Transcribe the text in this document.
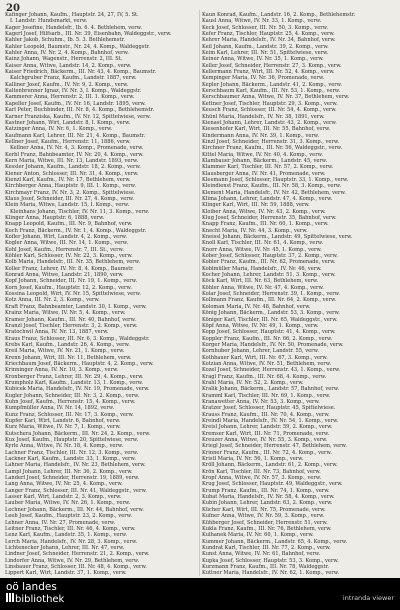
20
Kafinger Johann, Kaufm., Hauptstr. 24, 27, IV, 5. St.
I. Landstr. Hundsmarkt, verw.
Kager Josefine, Handelsfr., Ib. 6. 4. Bethlehem, verw.
Kagerl Josef, Hilfsarb., III. Nr. 39, Eisenbahn, Waldeggstr., verw.
Kahler Jakob, Schuhm., Ib. 5. 3. Bethlehemstr.
Kahler Leopold, Baumstr., Nr. 24, 4. Komp., Waldeggstr.
Kahler Anna, IV. Nr. 2, 4. Komp., Bahnhof, verw.
Kainz Johann, Wagenstr., Herrenstr. 2, III. St.
Kaiser Anna, Witwe, Landstr. 14, 2. Komp., verw.
Kaiser Friedrich, Bäckerm., III. Nr. 43, 4. Komp., Baumstr.
Kalchgruber Franz, Kaufm., Landstr. 1887, verw.
Kalliner Josef, Kaufm., IV. Nr. 9, 2. Komp., verw.
Kaltenbrunner Ignaz, IV. Nr. 3, I. Komp., Waldeggstr.
Kammerer Anna, Herrenstr. 2, III. 1. Komp., verw.
Kapeller Josef, Kaufm., IV. Nr. 16, Landstr. 1895, verw.
Karl Peter, Buchbinder, III. Nr. 8, 4. Komp., Bethlehemstr.
Karner Franziska, Kaufm., IV. Nr. 12, Spittelwiese, verw.
Kastner Johann, Wirt, Landstr. 8, I. Komp., verw.
Katzinger Anna, IV. Nr. 6, 1. Komp., verw.
Kaufmann Karl, Lehrer, III. Nr. 21, 4. Komp., Baumstr.
Kellner Josef, Kaufm., Herrenstr. 11, 1886, verw.
Kellner Anna, IV. Nr. 4, 3. Komp., Promenade, verw.
Kerbl Franz, Bahnbeamter, IV. Nr. 20, 4. Komp., verw.
Kern Maria, Witwe, III. Nr. 13, Landstr. 1893, verw.
Kessler Johann, Kaufm., Landstr. 18, 2. Komp., verw.
Kiener Anton, Schlosser, III. Nr. 31, 4. Komp., verw.
Kienzl Karl, Kaufm., IV. Nr. 17, Bethlehem, verw.
Kirchberger Anna, Hauptstr. 9, III. 1. Komp., verw.
Kirchmayr Franz, IV. Nr. 3, 2. Komp., Spittelwiese.
Klaus Josef, Schneider, III. Nr. 27, 4. Komp., verw.
Klein Maria, Witwe, Landstr. 15, I. Komp., verw.
Kleinhans Johann, Tischler, IV. Nr. 11, 3. Komp., verw.
Klinger Anna, Hauptstr. 6, 1888, verw.
Knapp Leopold, Kaufm., III. Nr. 9, Bahnhof, verw.
Koch Franz, Bäckerm., IV. Nr. 1, 4. Komp., Waldeggstr.
Kofler Johann, Wirt, Landstr. 4, 2. Komp., verw.
Kogler Anna, Witwe, III. Nr. 14, 1. Komp., verw.
Kohl Josef, Kaufm., Herrenstr. 7, III. St., verw.
Köhler Karl, Schlosser, IV. Nr. 22, 3. Komp., verw.
Kolb Maria, Handelsfr., III. Nr. 35, Bethlehem, verw.
Koller Franz, Lehrer, IV. Nr. 8, 4. Komp., Baumstr.
Konrad Anna, Witwe, Landstr. 21, 1890, verw.
Kopf Johann, Schneider, III. Nr. 19, 1. Komp., verw.
Korn Josef, Kaufm., Hauptstr. 12, 2. Komp., verw.
Kossina Leopold, Wirt, IV. Nr. 15, Spittelwiese, verw.
Kotz Anna, III. Nr. 2, 3. Komp., verw.
Kraft Franz, Bahnbeamter, Landstr. 30, I. Komp., verw.
Krainz Maria, Witwe, IV. Nr. 5, 4. Komp., verw.
Kramer Johann, Kaufm., III. Nr. 40, Bahnhof, verw.
Kranzl Josef, Tischler, Herrenstr. 3, 2. Komp., verw.
Kratochwil Anna, IV. Nr. 13, 1887, verw.
Kraus Franz, Schlosser, III. Nr. 6, 3. Komp., Waldeggstr.
Krebs Karl, Kaufm., Landstr. 26, 4. Komp., verw.
Kreil Maria, Witwe, IV. Nr. 21, 1. Komp., verw.
Krenn Johann, Wirt, III. Nr. 11, Bethlehem, verw.
Kriechbaum Josef, Bäckerm., Hauptstr. 4, 2. Komp., verw.
Krinninger Anna, IV. Nr. 10, 3. Komp., verw.
Kronberger Franz, Lehrer, III. Nr. 29, 4. Komp., verw.
Krumpholz Karl, Kaufm., Landstr. 13, 1. Komp., verw.
Kubicek Maria, Handelsfr., IV. Nr. 19, Promenade, verw.
Kugler Johann, Schneider, III. Nr. 3, 2. Komp., verw.
Kuhn Josef, Kaufm., Herrenstr. 15, 4. Komp., verw.
Kumpfmüller Anna, IV. Nr. 14, 1892, verw.
Kunz Franz, Schlosser, III. Nr. 17, 3. Komp., verw.
Kupfer Karl, Wirt, Landstr. 6, Bahnhof, verw.
Kurz Maria, Witwe, IV. Nr. 7, 1. Komp., verw.
Kutschera Johann, Bäckerm., III. Nr. 24, 2. Komp., verw.
Kux Josef, Kaufm., Hauptstr. 20, Spittelwiese, verw.
Kyrle Anna, Witwe, IV. Nr. 18, 4. Komp., verw.
Lachner Franz, Tischler, III. Nr. 12, 3. Komp., verw.
Lackner Karl, Kaufm., Landstr. 33, 1. Komp., verw.
Lahner Maria, Handelsfr., IV. Nr. 23, Bethlehem, verw.
Lampl Johann, Lehrer, III. Nr. 36, 2. Komp., verw.
Landerl Josef, Schneider, Herrenstr. 19, 1889, verw.
Lang Anna, Witwe, IV. Nr. 25, 4. Komp., verw.
Langer Franz, Schlosser, III. Nr. 41, Waldeggstr., verw.
Lasser Karl, Wirt, Landstr. 2, 3. Komp., verw.
Lauber Maria, Witwe, IV. Nr. 26, 1. Komp., verw.
Lechner Johann, Bäckerm., III. Nr. 44, Bahnhof, verw.
Leeb Josef, Kaufm., Hauptstr. 23, 2. Komp., verw.
Lehner Anna, IV. Nr. 27, Promenade, verw.
Leitner Franz, Tischler, III. Nr. 46, 4. Komp., verw.
Lenz Karl, Kaufm., Landstr. 35, 1. Komp., verw.
Lerch Maria, Handelsfr., IV. Nr. 28, 3. Komp., verw.
Lichtenecker Johann, Lehrer, III. Nr. 47, verw.
Lindner Josef, Schneider, Herrenstr. 21, 2. Komp., verw.
Lindorfer Anna, Witwe, IV. Nr. 29, Bethlehem, verw.
Linsbauer Franz, Schlosser, III. Nr. 48, 4. Komp., verw.
Lippert Karl, Wirt, Landstr. 37, 1. Komp., verw.
Kaun Konrad, Kaufm., Landstr. 16, 2. Komp., Bethlehemstr.
Kausl Anna, Witwe, IV. Nr. 33, 1. Komp., verw.
Keck Josef, Schlosser, III. Nr. 50, 3. Komp., verw.
Kefer Franz, Tischler, Hauptstr. 25, 4. Komp., verw.
Kehrer Maria, Handelsfr., IV. Nr. 34, Bahnhof, verw.
Keil Johann, Kaufm., Landstr. 39, 2. Komp., verw.
Keim Karl, Lehrer, III. Nr. 51, Spittelwiese, verw.
Keiner Anna, Witwe, IV. Nr. 35, 1. Komp., verw.
Keller Josef, Schneider, Herrenstr. 27, 3. Komp., verw.
Kellermann Franz, Wirt, III. Nr. 52, 4. Komp., verw.
Kempinger Maria, IV. Nr. 36, Promenade, verw.
Kepler Johann, Bäckerm., Landstr. 41, 2. Komp., verw.
Kerschbaum Karl, Kaufm., III. Nr. 53, 1. Komp., verw.
Kerschbaumer Anna, Witwe, IV. Nr. 37, Bethlehem, verw.
Kettner Josef, Tischler, Hauptstr. 29, 3. Komp., verw.
Keusch Franz, Schlosser, III. Nr. 54, 4. Komp., verw.
Khünl Maria, Handelsfr., IV. Nr. 38, 1891, verw.
Kienast Johann, Lehrer, Landstr. 43, 2. Komp., verw.
Kiesenhofer Karl, Wirt, III. Nr. 55, Bahnhof, verw.
Kindermann Anna, IV. Nr. 39, 1. Komp., verw.
Kinzl Josef, Schneider, Herrenstr. 31, 3. Komp., verw.
Kirchner Franz, Kaufm., III. Nr. 56, Waldeggstr., verw.
Kittel Maria, Witwe, IV. Nr. 40, 4. Komp., verw.
Klambauer Johann, Bäckerm., Landstr. 45, verw.
Klammer Karl, Tischler, III. Nr. 57, 2. Komp., verw.
Klausberger Anna, IV. Nr. 41, Promenade, verw.
Kleemann Josef, Schlosser, Hauptstr. 33, 1. Komp., verw.
Kleindienst Franz, Kaufm., III. Nr. 58, 3. Komp., verw.
Klement Maria, Handelsfr., IV. Nr. 42, Bethlehem, verw.
Klima Johann, Lehrer, Landstr. 47, 4. Komp., verw.
Klinger Karl, Wirt, III. Nr. 59, 1888, verw.
Kloiber Anna, Witwe, IV. Nr. 43, 2. Komp., verw.
Klug Josef, Schneider, Herrenstr. 35, Bahnhof, verw.
Knapp Franz, Kaufm., III. Nr. 60, 1. Komp., verw.
Knecht Maria, IV. Nr. 44, 3. Komp., verw.
Kneissl Johann, Bäckerm., Landstr. 49, Spittelwiese, verw.
Knoll Karl, Tischler, III. Nr. 61, 4. Komp., verw.
Knorr Anna, Witwe, IV. Nr. 45, 1. Komp., verw.
Kober Josef, Schlosser, Hauptstr. 37, 2. Komp., verw.
Kobler Franz, Kaufm., III. Nr. 62, Promenade, verw.
Koblmüller Maria, Handelsfr., IV. Nr. 46, verw.
Kocher Johann, Lehrer, Landstr. 51, 3. Komp., verw.
Köck Karl, Wirt, III. Nr. 63, Bethlehem, verw.
Köhler Anna, Witwe, IV. Nr. 47, 4. Komp., verw.
Kolar Josef, Schneider, Herrenstr. 39, 1. Komp., verw.
Kollmann Franz, Kaufm., III. Nr. 64, 2. Komp., verw.
Koloman Maria, IV. Nr. 48, Bahnhof, verw.
König Johann, Bäckerm., Landstr. 53, 3. Komp., verw.
Königer Karl, Tischler, III. Nr. 65, Waldeggstr., verw.
Köpf Anna, Witwe, IV. Nr. 49, 1. Komp., verw.
Kopp Josef, Schlosser, Hauptstr. 41, 4. Komp., verw.
Koppler Franz, Kaufm., III. Nr. 66, 2. Komp., verw.
Korger Maria, Handelsfr., IV. Nr. 50, Promenade, verw.
Kornhuber Johann, Lehrer, Landstr. 55, verw.
Kothbauer Karl, Wirt, III. Nr. 67, 3. Komp., verw.
Kotzian Anna, Witwe, IV. Nr. 51, Bethlehem, verw.
Kozel Josef, Schneider, Herrenstr. 43, 1. Komp., verw.
Kragl Franz, Kaufm., III. Nr. 68, 4. Komp., verw.
Krahl Maria, IV. Nr. 52, 2. Komp., verw.
Kralik Johann, Bäckerm., Landstr. 57, Bahnhof, verw.
Kramml Karl, Tischler, III. Nr. 69, 1. Komp., verw.
Kranawetter Anna, IV. Nr. 53, 3. Komp., verw.
Kratzer Josef, Schlosser, Hauptstr. 45, Spittelwiese.
Krauss Franz, Kaufm., III. Nr. 70, 4. Komp., verw.
Kreindl Maria, Handelsfr., IV. Nr. 54, 1. Komp., verw.
Kreisl Johann, Lehrer, Landstr. 59, 2. Komp., verw.
Kremser Karl, Wirt, III. Nr. 71, Promenade, verw.
Kreuzer Anna, Witwe, IV. Nr. 55, 3. Komp., verw.
Kriegl Josef, Schneider, Herrenstr. 47, Bethlehem, verw.
Krinner Franz, Kaufm., III. Nr. 72, 4. Komp., verw.
Kristl Maria, IV. Nr. 56, 1. Komp., verw.
Kröll Johann, Bäckerm., Landstr. 61, 2. Komp., verw.
Krön Karl, Tischler, III. Nr. 73, Bahnhof, verw.
Kropf Anna, Witwe, IV. Nr. 57, 3. Komp., verw.
Krug Josef, Schlosser, Hauptstr. 49, Waldeggstr., verw.
Krump Franz, Kaufm., III. Nr. 74, 1. Komp., verw.
Kubat Maria, Handelsfr., IV. Nr. 58, 4. Komp., verw.
Kubin Johann, Lehrer, Landstr. 63, 2. Komp., verw.
Kücher Karl, Wirt, III. Nr. 75, Promenade, verw.
Kufner Anna, Witwe, IV. Nr. 59, 3. Komp., verw.
Kühberger Josef, Schneider, Herrenstr. 51, verw.
Kukla Franz, Kaufm., III. Nr. 76, Bethlehem, verw.
Kulhanek Maria, IV. Nr. 60, 1. Komp., verw.
Kummer Johann, Bäckerm., Landstr. 65, 4. Komp., verw.
Kundrat Karl, Tischler, III. Nr. 77, 2. Komp., verw.
Kunst Anna, Witwe, IV. Nr. 61, Bahnhof, verw.
Kupka Josef, Schlosser, Hauptstr. 53, 3. Komp., verw.
Kurzmann Franz, Kaufm., III. Nr. 78, Waldeggstr.
Kuttner Maria, Handelsfr., IV. Nr. 62, 1. Komp., verw.
oö landes
bibliothek	intranda viewer
